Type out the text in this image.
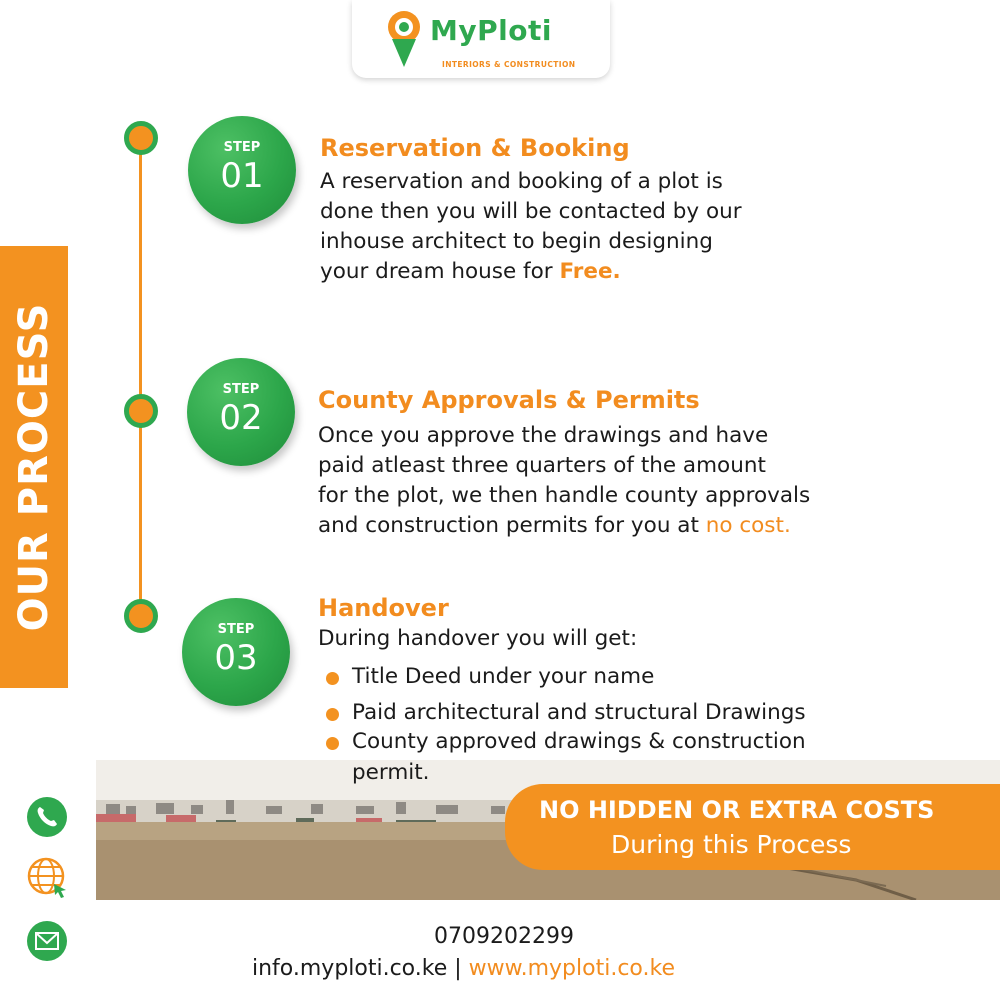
MyPloti
INTERIORS & CONSTRUCTION
OUR PROCESS
STEP
01
Reservation & Booking

A reservation and booking of a plot is

done then you will be contacted by our

inhouse architect to begin designing

your dream house for Free.

STEP
02	County Approvals & Permits

Once you approve the drawings and have

paid atleast three quarters of the amount

for the plot, we then handle county approvals

and construction permits for you at no cost.

STEP
03
Handover

During handover you will get:

Title Deed under your name
Paid architectural and structural Drawings
County approved drawings & construction
permit.
NO HIDDEN OR EXTRA COSTS
During this Process
0709202299
info.myploti.co.ke | www.myploti.co.ke
